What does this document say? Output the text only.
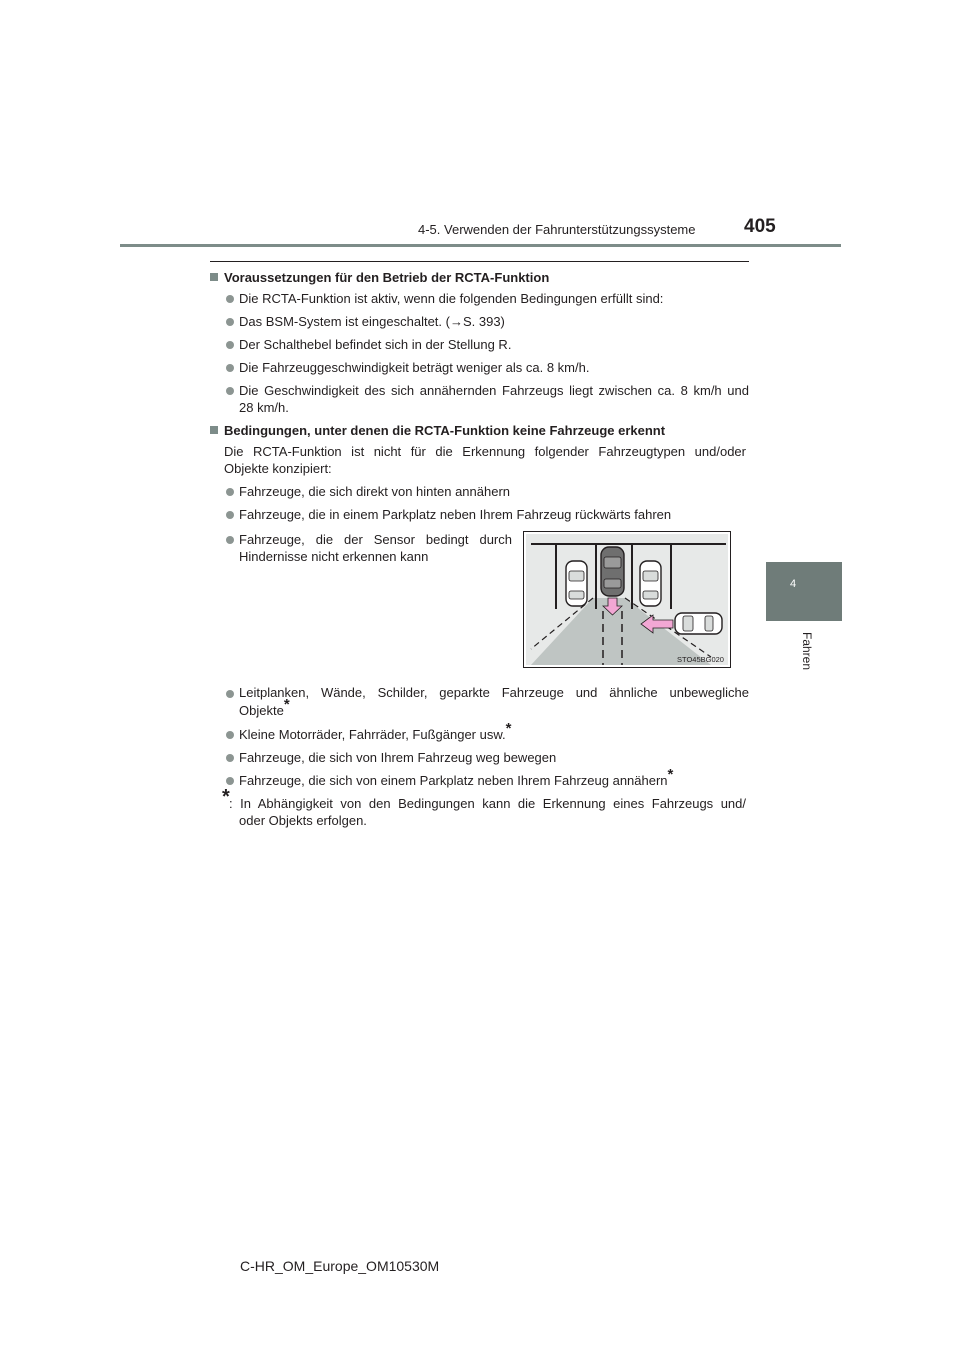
4-5. Verwenden der Fahrunterstützungssysteme	405
4
Fahren
Voraussetzungen für den Betrieb der RCTA-Funktion
Die RCTA-Funktion ist aktiv, wenn die folgenden Bedingungen erfüllt sind:
Das BSM-System ist eingeschaltet. (→S. 393)
Der Schalthebel befindet sich in der Stellung R.
Die Fahrzeuggeschwindigkeit beträgt weniger als ca. 8 km/h.
Die Geschwindigkeit des sich annähernden Fahrzeugs liegt zwischen ca. 8 km/h und
28 km/h.
Bedingungen, unter denen die RCTA-Funktion keine Fahrzeuge erkennt
Die RCTA-Funktion ist nicht für die Erkennung folgender Fahrzeugtypen und/oder
Objekte konzipiert:
Fahrzeuge, die sich direkt von hinten annähern
Fahrzeuge, die in einem Parkplatz neben Ihrem Fahrzeug rückwärts fahren
Fahrzeuge, die der Sensor bedingt durch
Hindernisse nicht erkennen kann
STO45BG020
Leitplanken, Wände, Schilder, geparkte Fahrzeuge und ähnliche unbewegliche
Objekte*
Kleine Motorräder, Fahrräder, Fußgänger usw.*
Fahrzeuge, die sich von Ihrem Fahrzeug weg bewegen
Fahrzeuge, die sich von einem Parkplatz neben Ihrem Fahrzeug annähern*
* : In Abhängigkeit von den Bedingungen kann die Erkennung eines Fahrzeugs und/
oder Objekts erfolgen.
C-HR_OM_Europe_OM10530M
